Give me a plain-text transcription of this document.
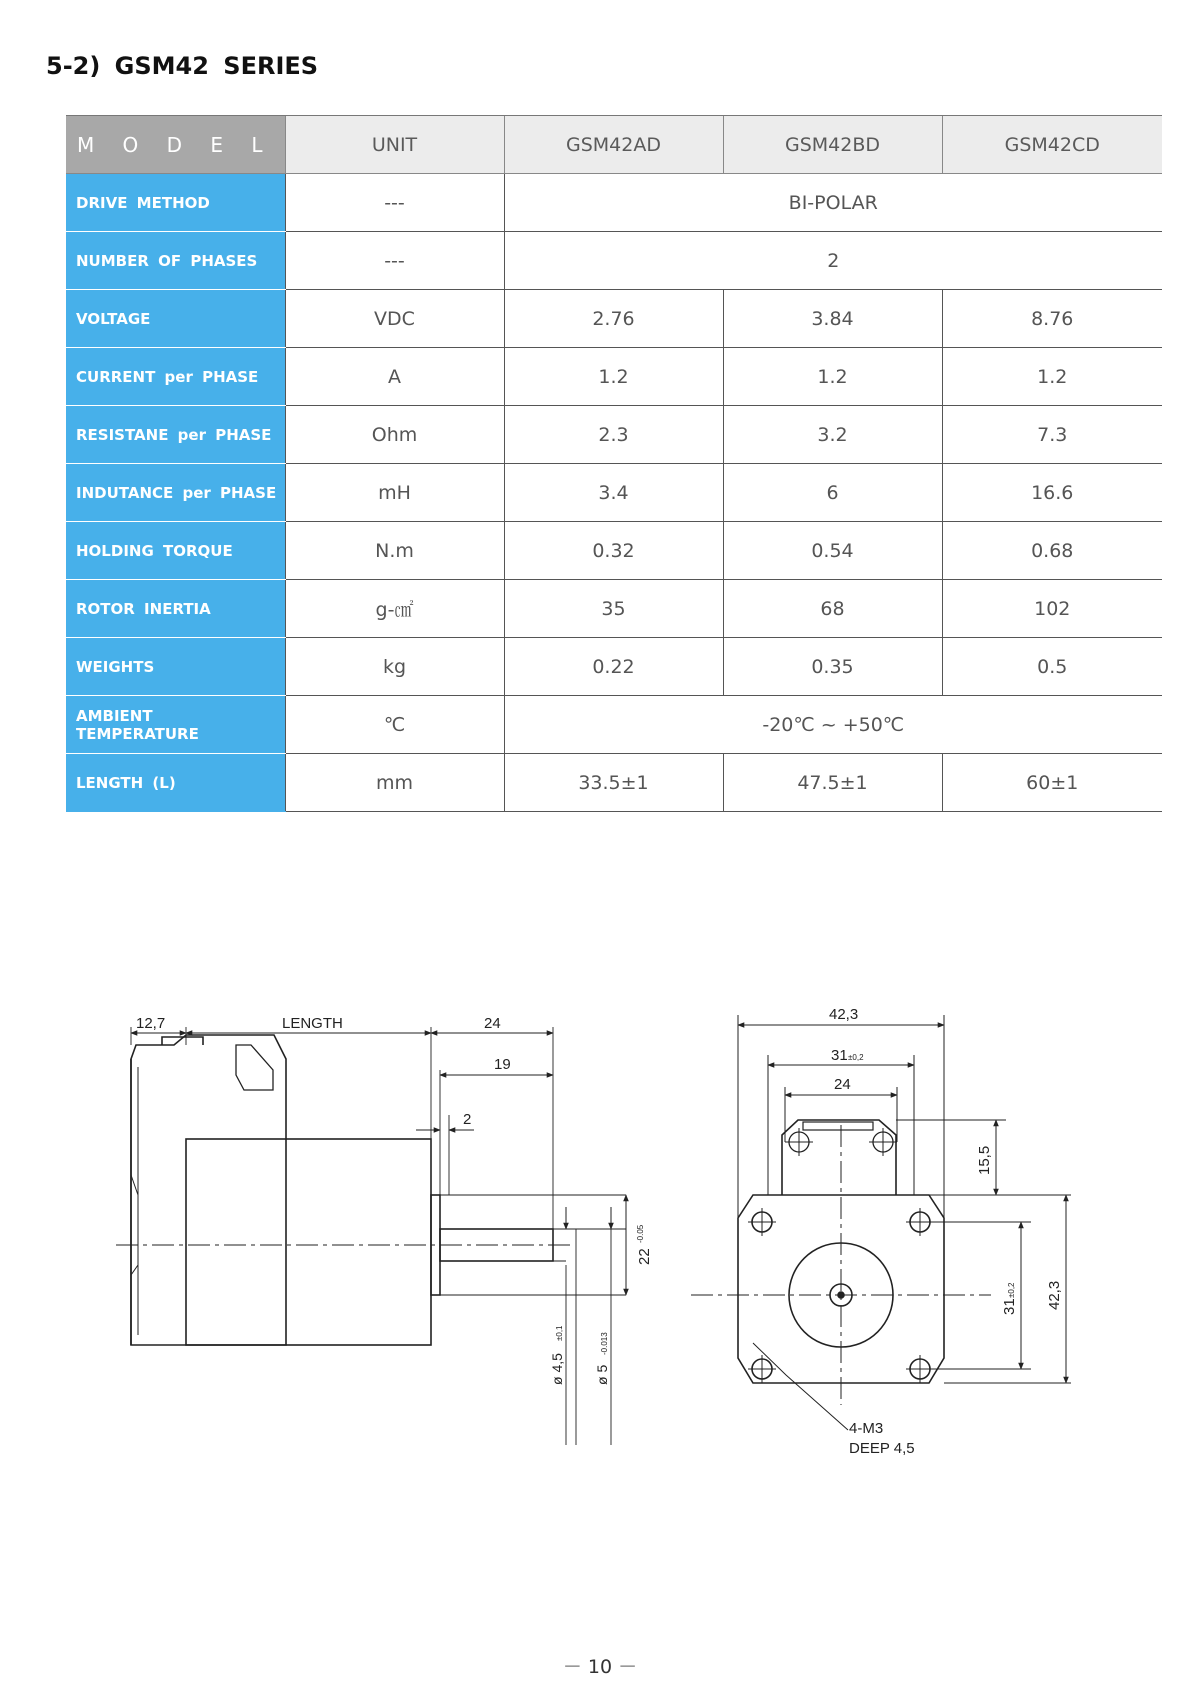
5-2) GSM42 SERIES
M O D E L	UNIT	GSM42AD	GSM42BD	GSM42CD
DRIVE METHOD	---	BI-POLAR		
NUMBER OF PHASES	---	2		
VOLTAGE	VDC	2.76	3.84	8.76
CURRENT per PHASE	A	1.2	1.2	1.2
RESISTANE per PHASE	Ohm	2.3	3.2	7.3
INDUTANCE per PHASE	mH	3.4	6	16.6
HOLDING TORQUE	N.m	0.32	0.54	0.68
ROTOR INERTIA	g-㎠	35	68	102
WEIGHTS	kg	0.22	0.35	0.5
AMBIENT TEMPERATURE	℃	-20℃ ~ +50℃		
LENGTH (L)	mm	33.5±1	47.5±1	60±1
12,7	LENGTH	24
19
2
22
-0.05
ø 4,5
±0,1
ø 5
-0.013
42,3
31 ±0,2
24
15,5
31
±0,2 42,3
4-M3
DEEP 4,5
－ 10 －
